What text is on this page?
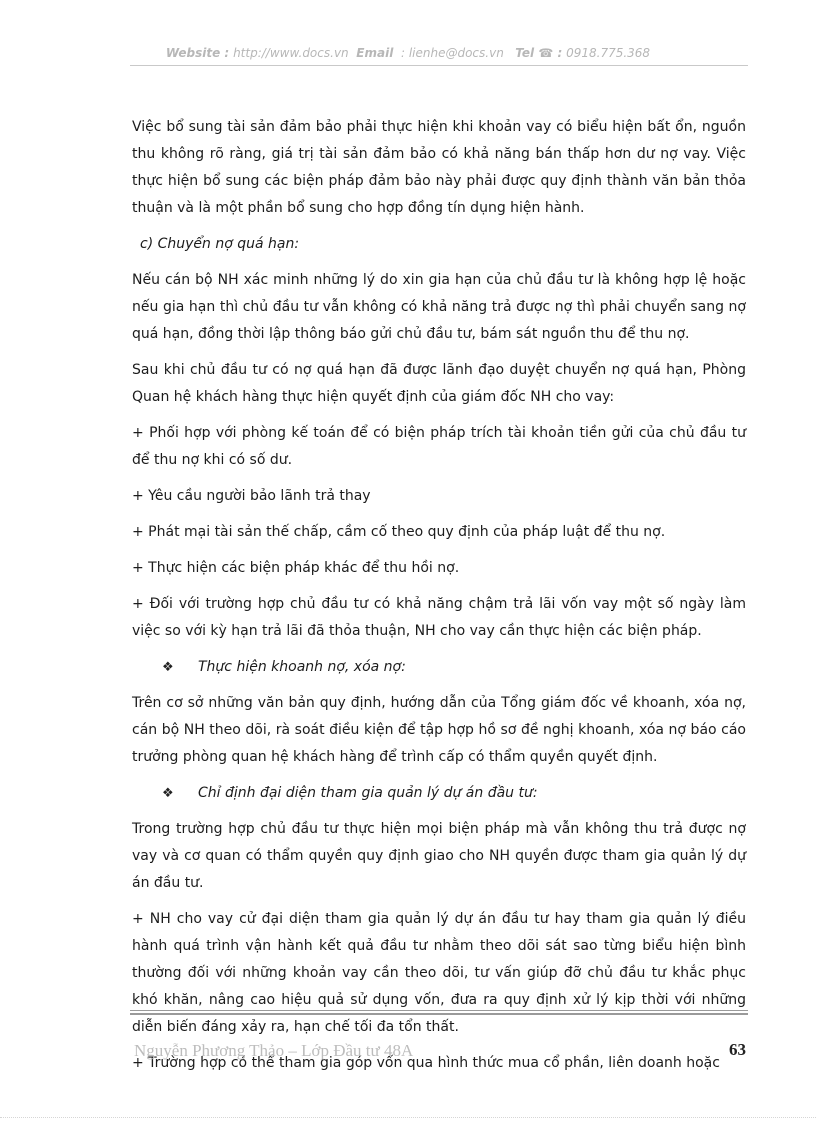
Website : http://www.docs.vn Email : lienhe@docs.vn Tel ☎ : 0918.775.368

Việc bổ sung tài sản đảm bảo phải thực hiện khi khoản vay có biểu hiện bất ổn, nguồn thu không rõ ràng, giá trị tài sản đảm bảo có khả năng bán thấp hơn dư nợ vay. Việc thực hiện bổ sung các biện pháp đảm bảo này phải được quy định thành văn bản thỏa thuận và là một phần bổ sung cho hợp đồng tín dụng hiện hành.

c) Chuyển nợ quá hạn:

Nếu cán bộ NH xác minh những lý do xin gia hạn của chủ đầu tư là không hợp lệ hoặc nếu gia hạn thì chủ đầu tư vẫn không có khả năng trả được nợ thì phải chuyển sang nợ quá hạn, đồng thời lập thông báo gửi chủ đầu tư, bám sát nguồn thu để thu nợ.

Sau khi chủ đầu tư có nợ quá hạn đã được lãnh đạo duyệt chuyển nợ quá hạn, Phòng Quan hệ khách hàng thực hiện quyết định của giám đốc NH cho vay:

+ Phối hợp với phòng kế toán để có biện pháp trích tài khoản tiền gửi của chủ đầu tư để thu nợ khi có số dư.

+ Yêu cầu người bảo lãnh trả thay

+ Phát mại tài sản thế chấp, cầm cố theo quy định của pháp luật để thu nợ.

+ Thực hiện các biện pháp khác để thu hồi nợ.

+ Đối với trường hợp chủ đầu tư có khả năng chậm trả lãi vốn vay một số ngày làm việc so với kỳ hạn trả lãi đã thỏa thuận, NH cho vay cần thực hiện các biện pháp.

❖ Thực hiện khoanh nợ, xóa nợ:

Trên cơ sở những văn bản quy định, hướng dẫn của Tổng giám đốc về khoanh, xóa nợ, cán bộ NH theo dõi, rà soát điều kiện để tập hợp hồ sơ đề nghị khoanh, xóa nợ báo cáo trưởng phòng quan hệ khách hàng để trình cấp có thẩm quyền quyết định.

❖ Chỉ định đại diện tham gia quản lý dự án đầu tư:

Trong trường hợp chủ đầu tư thực hiện mọi biện pháp mà vẫn không thu trả được nợ vay và cơ quan có thẩm quyền quy định giao cho NH quyền được tham gia quản lý dự án đầu tư.

+ NH cho vay cử đại diện tham gia quản lý dự án đầu tư hay tham gia quản lý điều hành quá trình vận hành kết quả đầu tư nhằm theo dõi sát sao từng biểu hiện bình thường đối với những khoản vay cần theo dõi, tư vấn giúp đỡ chủ đầu tư khắc phục khó khăn, nâng cao hiệu quả sử dụng vốn, đưa ra quy định xử lý kịp thời với những diễn biến đáng xảy ra, hạn chế tối đa tổn thất.

+ Trường hợp có thể tham gia góp vốn qua hình thức mua cổ phần, liên doanh hoặc

Nguyễn Phương Thảo – Lớp Đầu tư 48A	63
